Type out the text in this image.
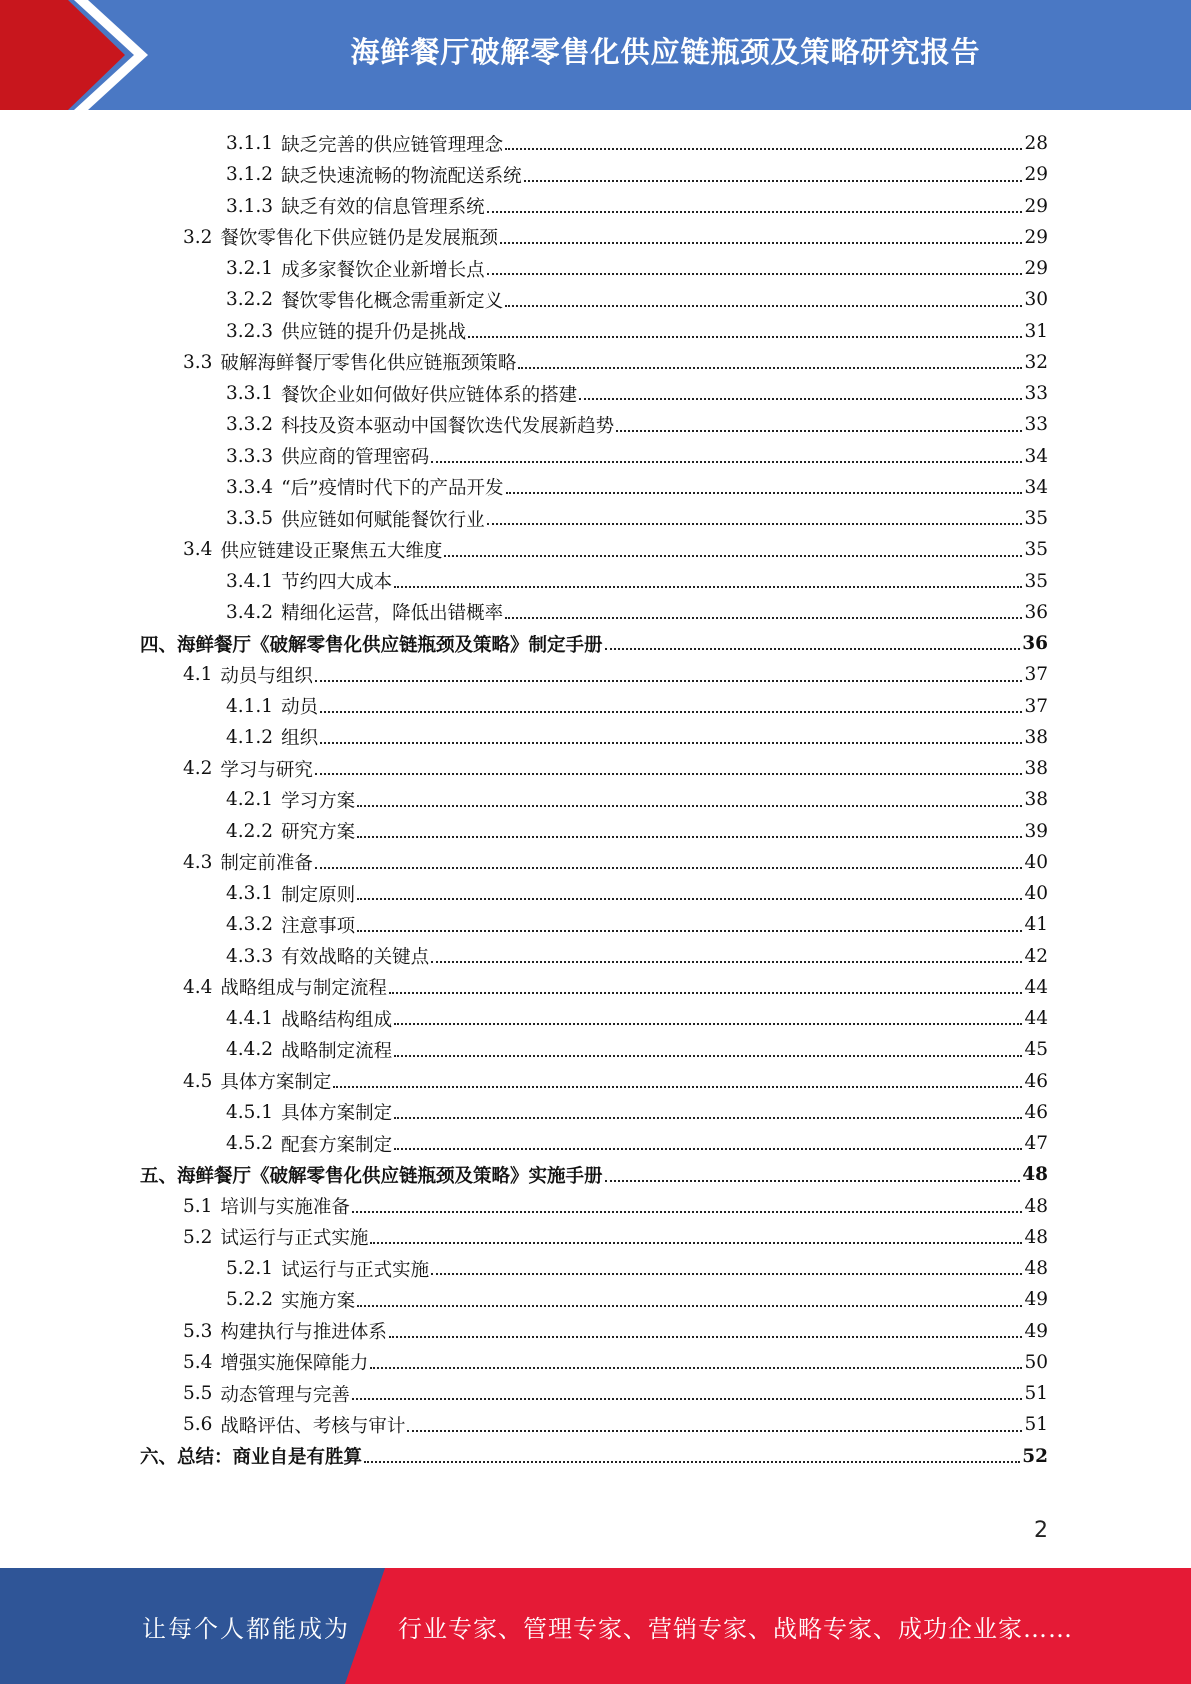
海鲜餐厅破解零售化供应链瓶颈及策略研究报告
3.1.1 缺乏完善的供应链管理理念	28
3.1.2 缺乏快速流畅的物流配送系统	29
3.1.3 缺乏有效的信息管理系统	29
3.2 餐饮零售化下供应链仍是发展瓶颈	29
3.2.1 成多家餐饮企业新增长点	29
3.2.2 餐饮零售化概念需重新定义	30
3.2.3 供应链的提升仍是挑战	31
3.3 破解海鲜餐厅零售化供应链瓶颈策略	32
3.3.1 餐饮企业如何做好供应链体系的搭建	33
3.3.2 科技及资本驱动中国餐饮迭代发展新趋势	33
3.3.3 供应商的管理密码	34
3.3.4 “后”疫情时代下的产品开发	34
3.3.5 供应链如何赋能餐饮行业	35
3.4 供应链建设正聚焦五大维度	35
3.4.1 节约四大成本	35
3.4.2 精细化运营，降低出错概率	36
四、海鲜餐厅《破解零售化供应链瓶颈及策略》制定手册	36
4.1 动员与组织	37
4.1.1 动员	37
4.1.2 组织	38
4.2 学习与研究	38
4.2.1 学习方案	38
4.2.2 研究方案	39
4.3 制定前准备	40
4.3.1 制定原则	40
4.3.2 注意事项	41
4.3.3 有效战略的关键点	42
4.4 战略组成与制定流程	44
4.4.1 战略结构组成	44
4.4.2 战略制定流程	45
4.5 具体方案制定	46
4.5.1 具体方案制定	46
4.5.2 配套方案制定	47
五、海鲜餐厅《破解零售化供应链瓶颈及策略》实施手册	48
5.1 培训与实施准备	48
5.2 试运行与正式实施	48
5.2.1 试运行与正式实施	48
5.2.2 实施方案	49
5.3 构建执行与推进体系	49
5.4 增强实施保障能力	50
5.5 动态管理与完善	51
5.6 战略评估、考核与审计	51
六、总结：商业自是有胜算	52
2
让每个人都能成为 行业专家、管理专家、营销专家、战略专家、成功企业家……
